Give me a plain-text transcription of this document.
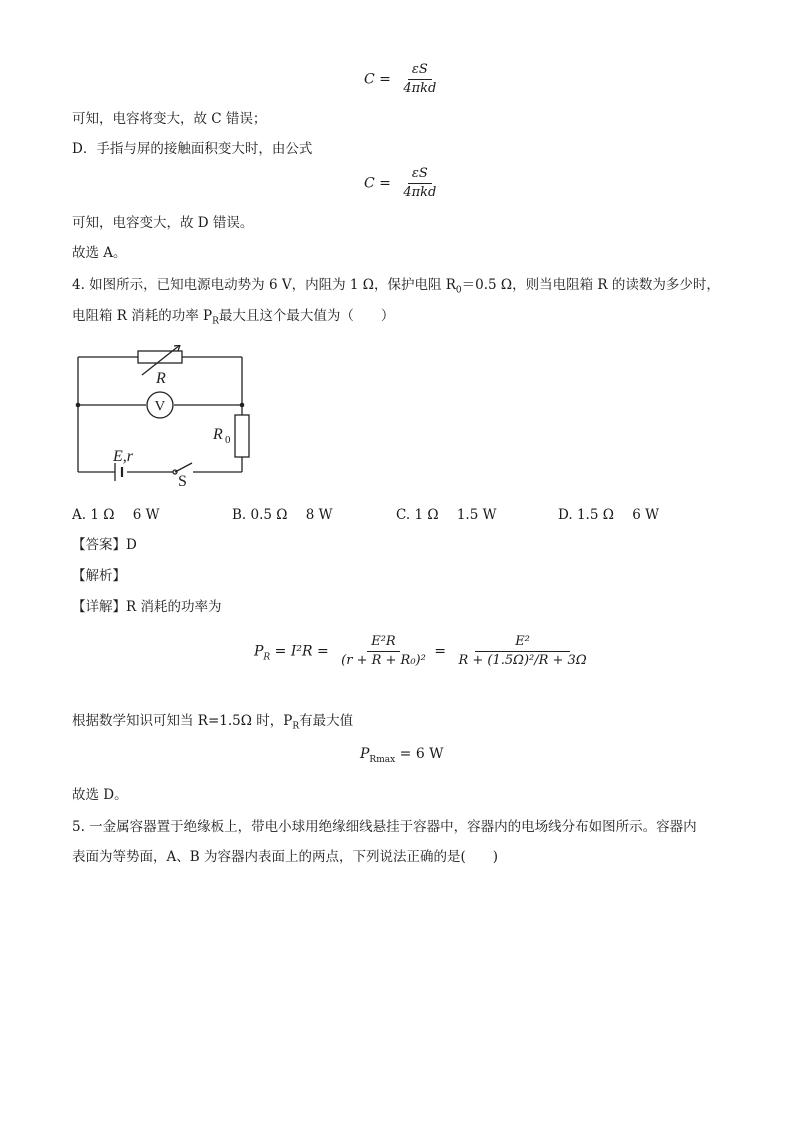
$C = \frac{\varepsilon S}{\text{4πkd}}$
可知，电容将变大，故 C 错误；
D．手指与屏的接触面积变大时，由公式
$C = \frac{\varepsilon S}{\text{4πkd}}$
可知，电容变大，故 D 错误。
故选 A。
4. 如图所示，已知电源电动势为 6 V，内阻为 1 Ω，保护电阻 $R_0=0.5$ Ω，则当电阻箱 R 的读数为多少时，
电阻箱 R 消耗的功率 $P_R$最大且这个最大值为（　　）
R
V
R 0
E,r
S
A. 1 Ω 6 W	B. 0.5 Ω 8 W	C. 1 Ω 1.5 W	D. 1.5 Ω 6 W
【答案】D
【解析】
【详解】R 消耗的功率为
$P_R = I^2R = \frac{\text{E²R}}{\text{(r + R + R₀)²}} = \frac{\text{E²}}{\text{R + (1.5Ω)²/R + 3Ω}}$
根据数学知识可知当 R=1.5Ω 时，$P_R$有最大值
$P_{Rmax} = 6$ W
故选 D。
5. 一金属容器置于绝缘板上，带电小球用绝缘细线悬挂于容器中，容器内的电场线分布如图所示。容器内
表面为等势面，A、B 为容器内表面上的两点，下列说法正确的是(　　)
